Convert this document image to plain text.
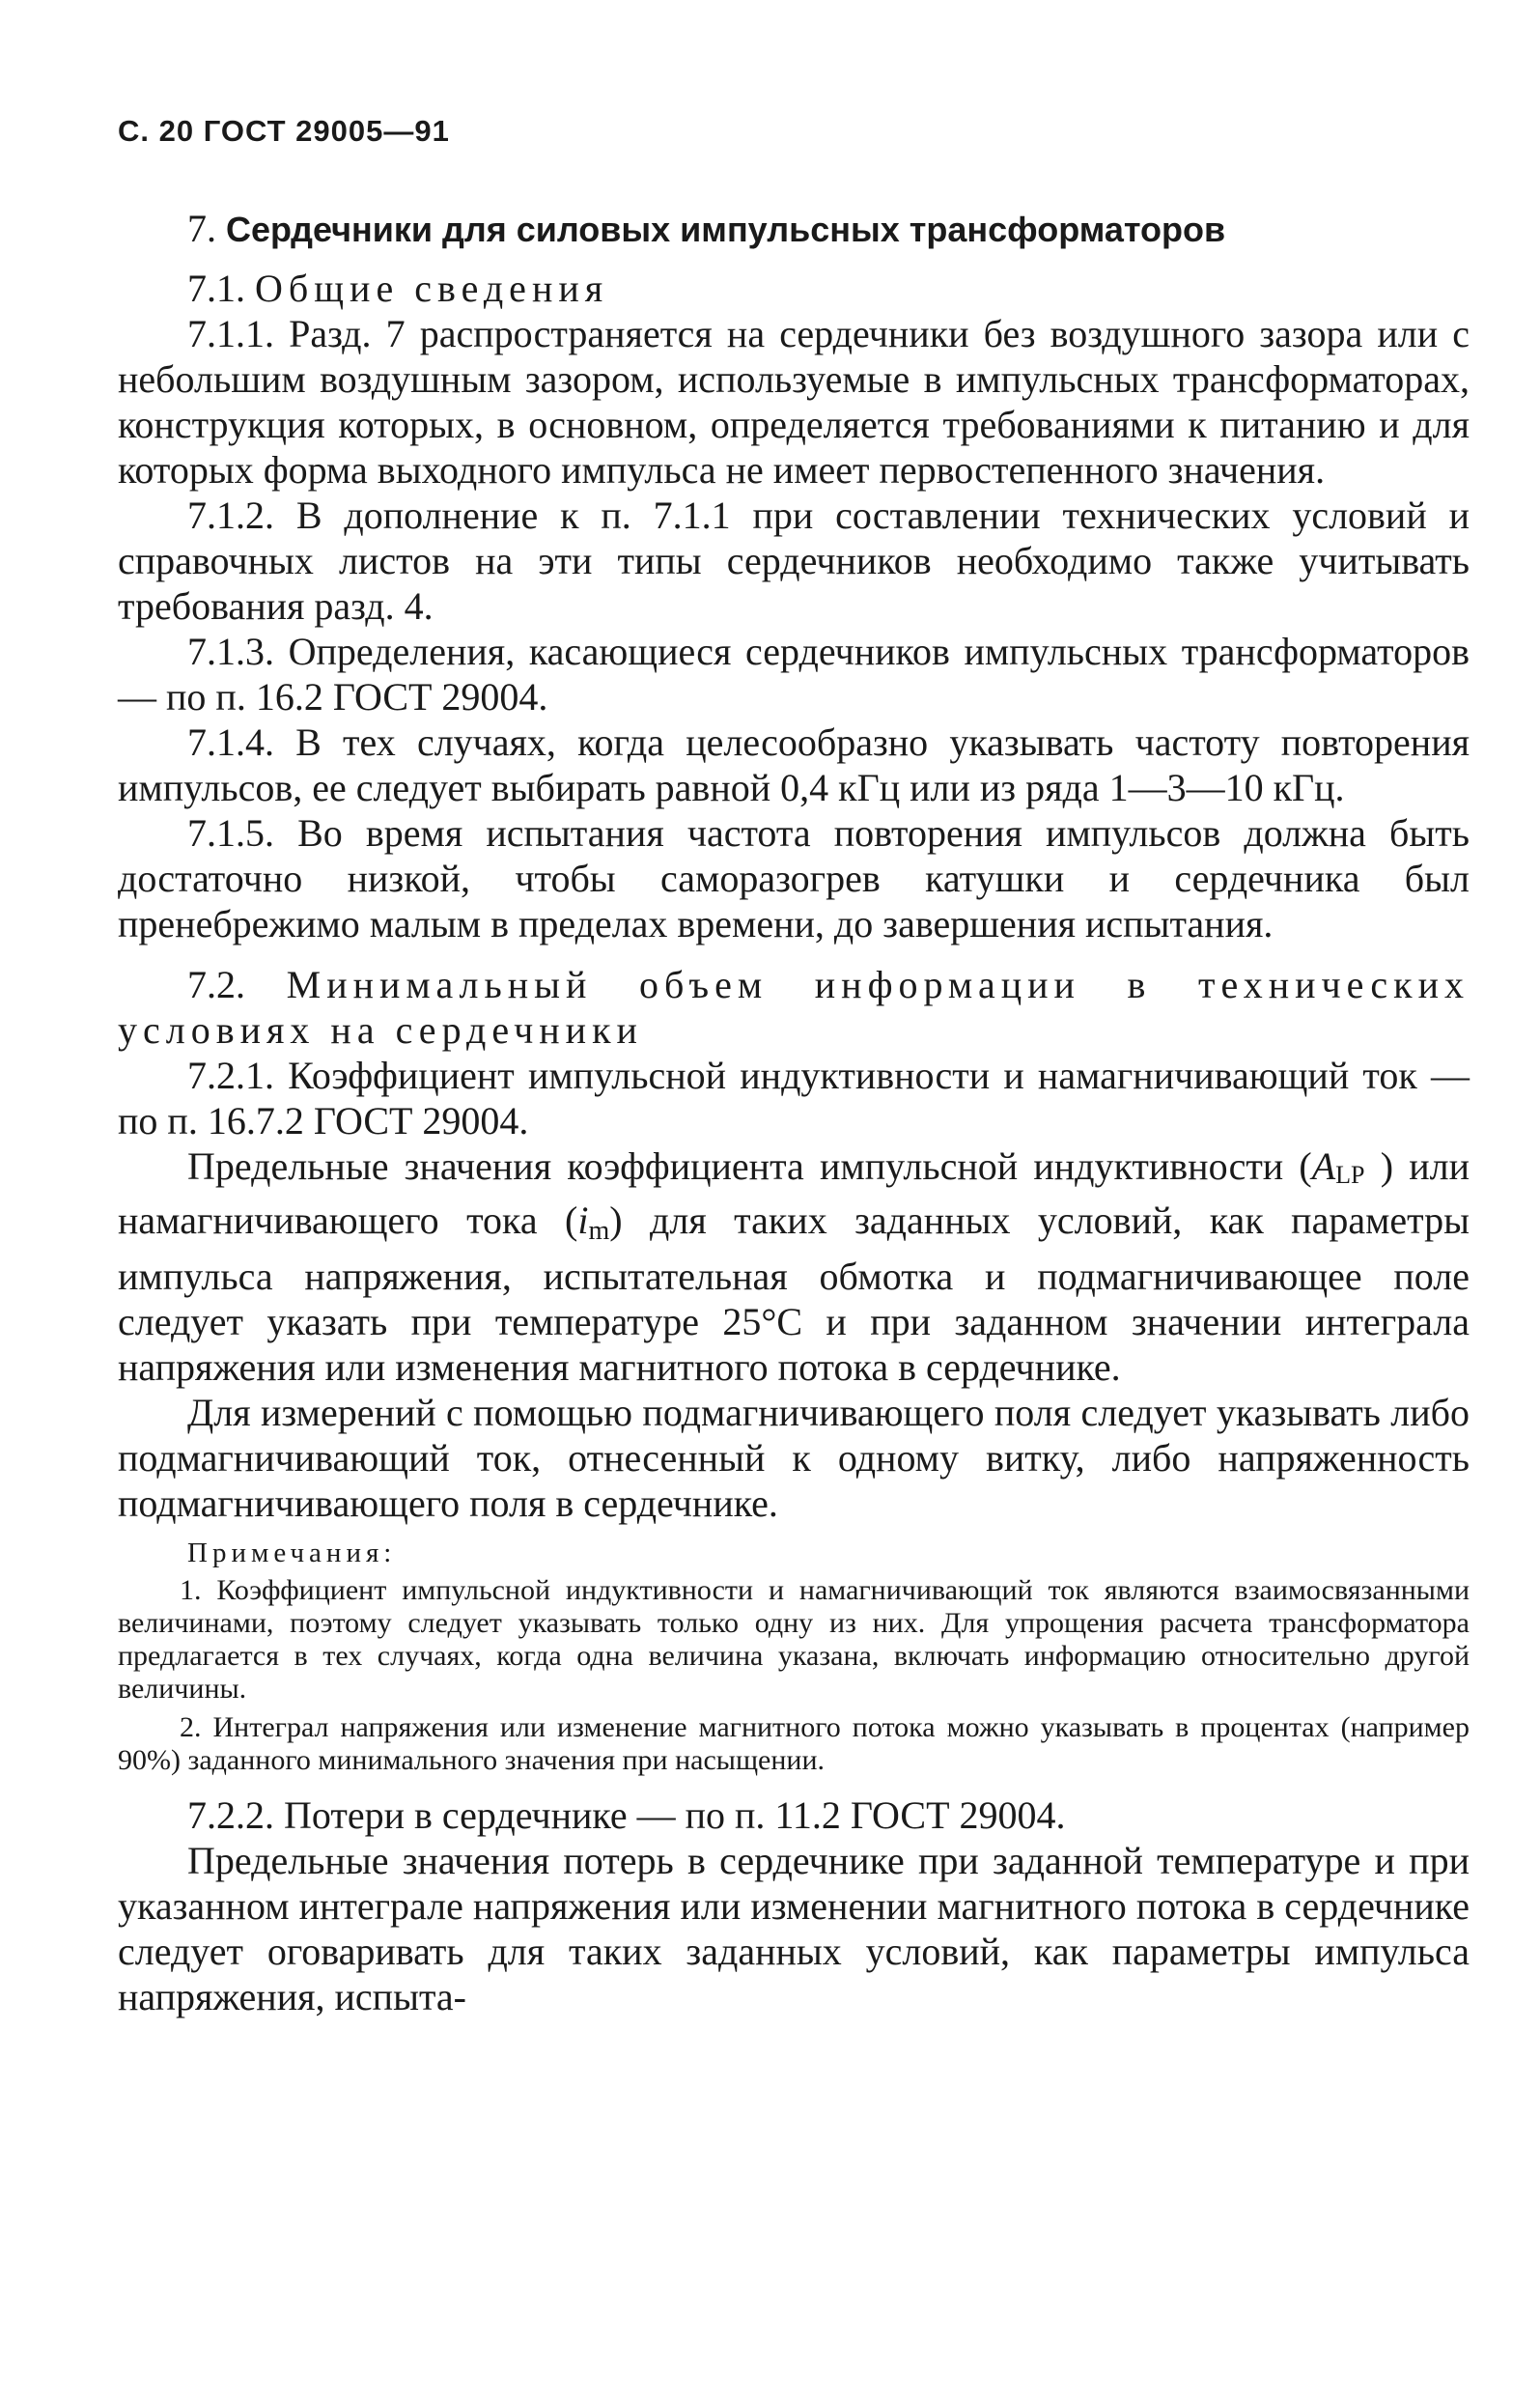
С. 20 ГОСТ 29005—91

7. Сердечники для силовых импульсных трансформаторов

7.1. Общие сведения

7.1.1. Разд. 7 распространяется на сердечники без воздушного зазора или с небольшим воздушным зазором, используемые в импульсных трансформаторах, конструкция которых, в основном, определяется требованиями к питанию и для которых форма выходного импульса не имеет первостепенного значения.

7.1.2. В дополнение к п. 7.1.1 при составлении технических условий и справочных листов на эти типы сердечников необходимо также учитывать требования разд. 4.

7.1.3. Определения, касающиеся сердечников импульсных трансформаторов — по п. 16.2 ГОСТ 29004.

7.1.4. В тех случаях, когда целесообразно указывать частоту повторения импульсов, ее следует выбирать равной 0,4 кГц или из ряда 1—3—10 кГц.

7.1.5. Во время испытания частота повторения импульсов должна быть достаточно низкой, чтобы саморазогрев катушки и сердечника был пренебрежимо малым в пределах времени, до завершения испытания.

7.2. Минимальный объем информации в технических условиях на сердечники

7.2.1. Коэффициент импульсной индуктивности и намагничивающий ток — по п. 16.7.2 ГОСТ 29004.

Предельные значения коэффициента импульсной индуктивности (ALP ) или намагничивающего тока (im) для таких заданных условий, как параметры импульса напряжения, испытательная обмотка и подмагничивающее поле следует указать при температуре 25°С и при заданном значении интеграла напряжения или изменения магнитного потока в сердечнике.

Для измерений с помощью подмагничивающего поля следует указывать либо подмагничивающий ток, отнесенный к одному витку, либо напряженность подмагничивающего поля в сердечнике.

Примечания:

1. Коэффициент импульсной индуктивности и намагничивающий ток являются взаимосвязанными величинами, поэтому следует указывать только одну из них. Для упрощения расчета трансформатора предлагается в тех случаях, когда одна величина указана, включать информацию относительно другой величины.

2. Интеграл напряжения или изменение магнитного потока можно указывать в процентах (например 90%) заданного минимального значения при насыщении.

7.2.2. Потери в сердечнике — по п. 11.2 ГОСТ 29004.

Предельные значения потерь в сердечнике при заданной температуре и при указанном интеграле напряжения или изменении магнитного потока в сердечнике следует оговаривать для таких заданных условий, как параметры импульса напряжения, испыта-
